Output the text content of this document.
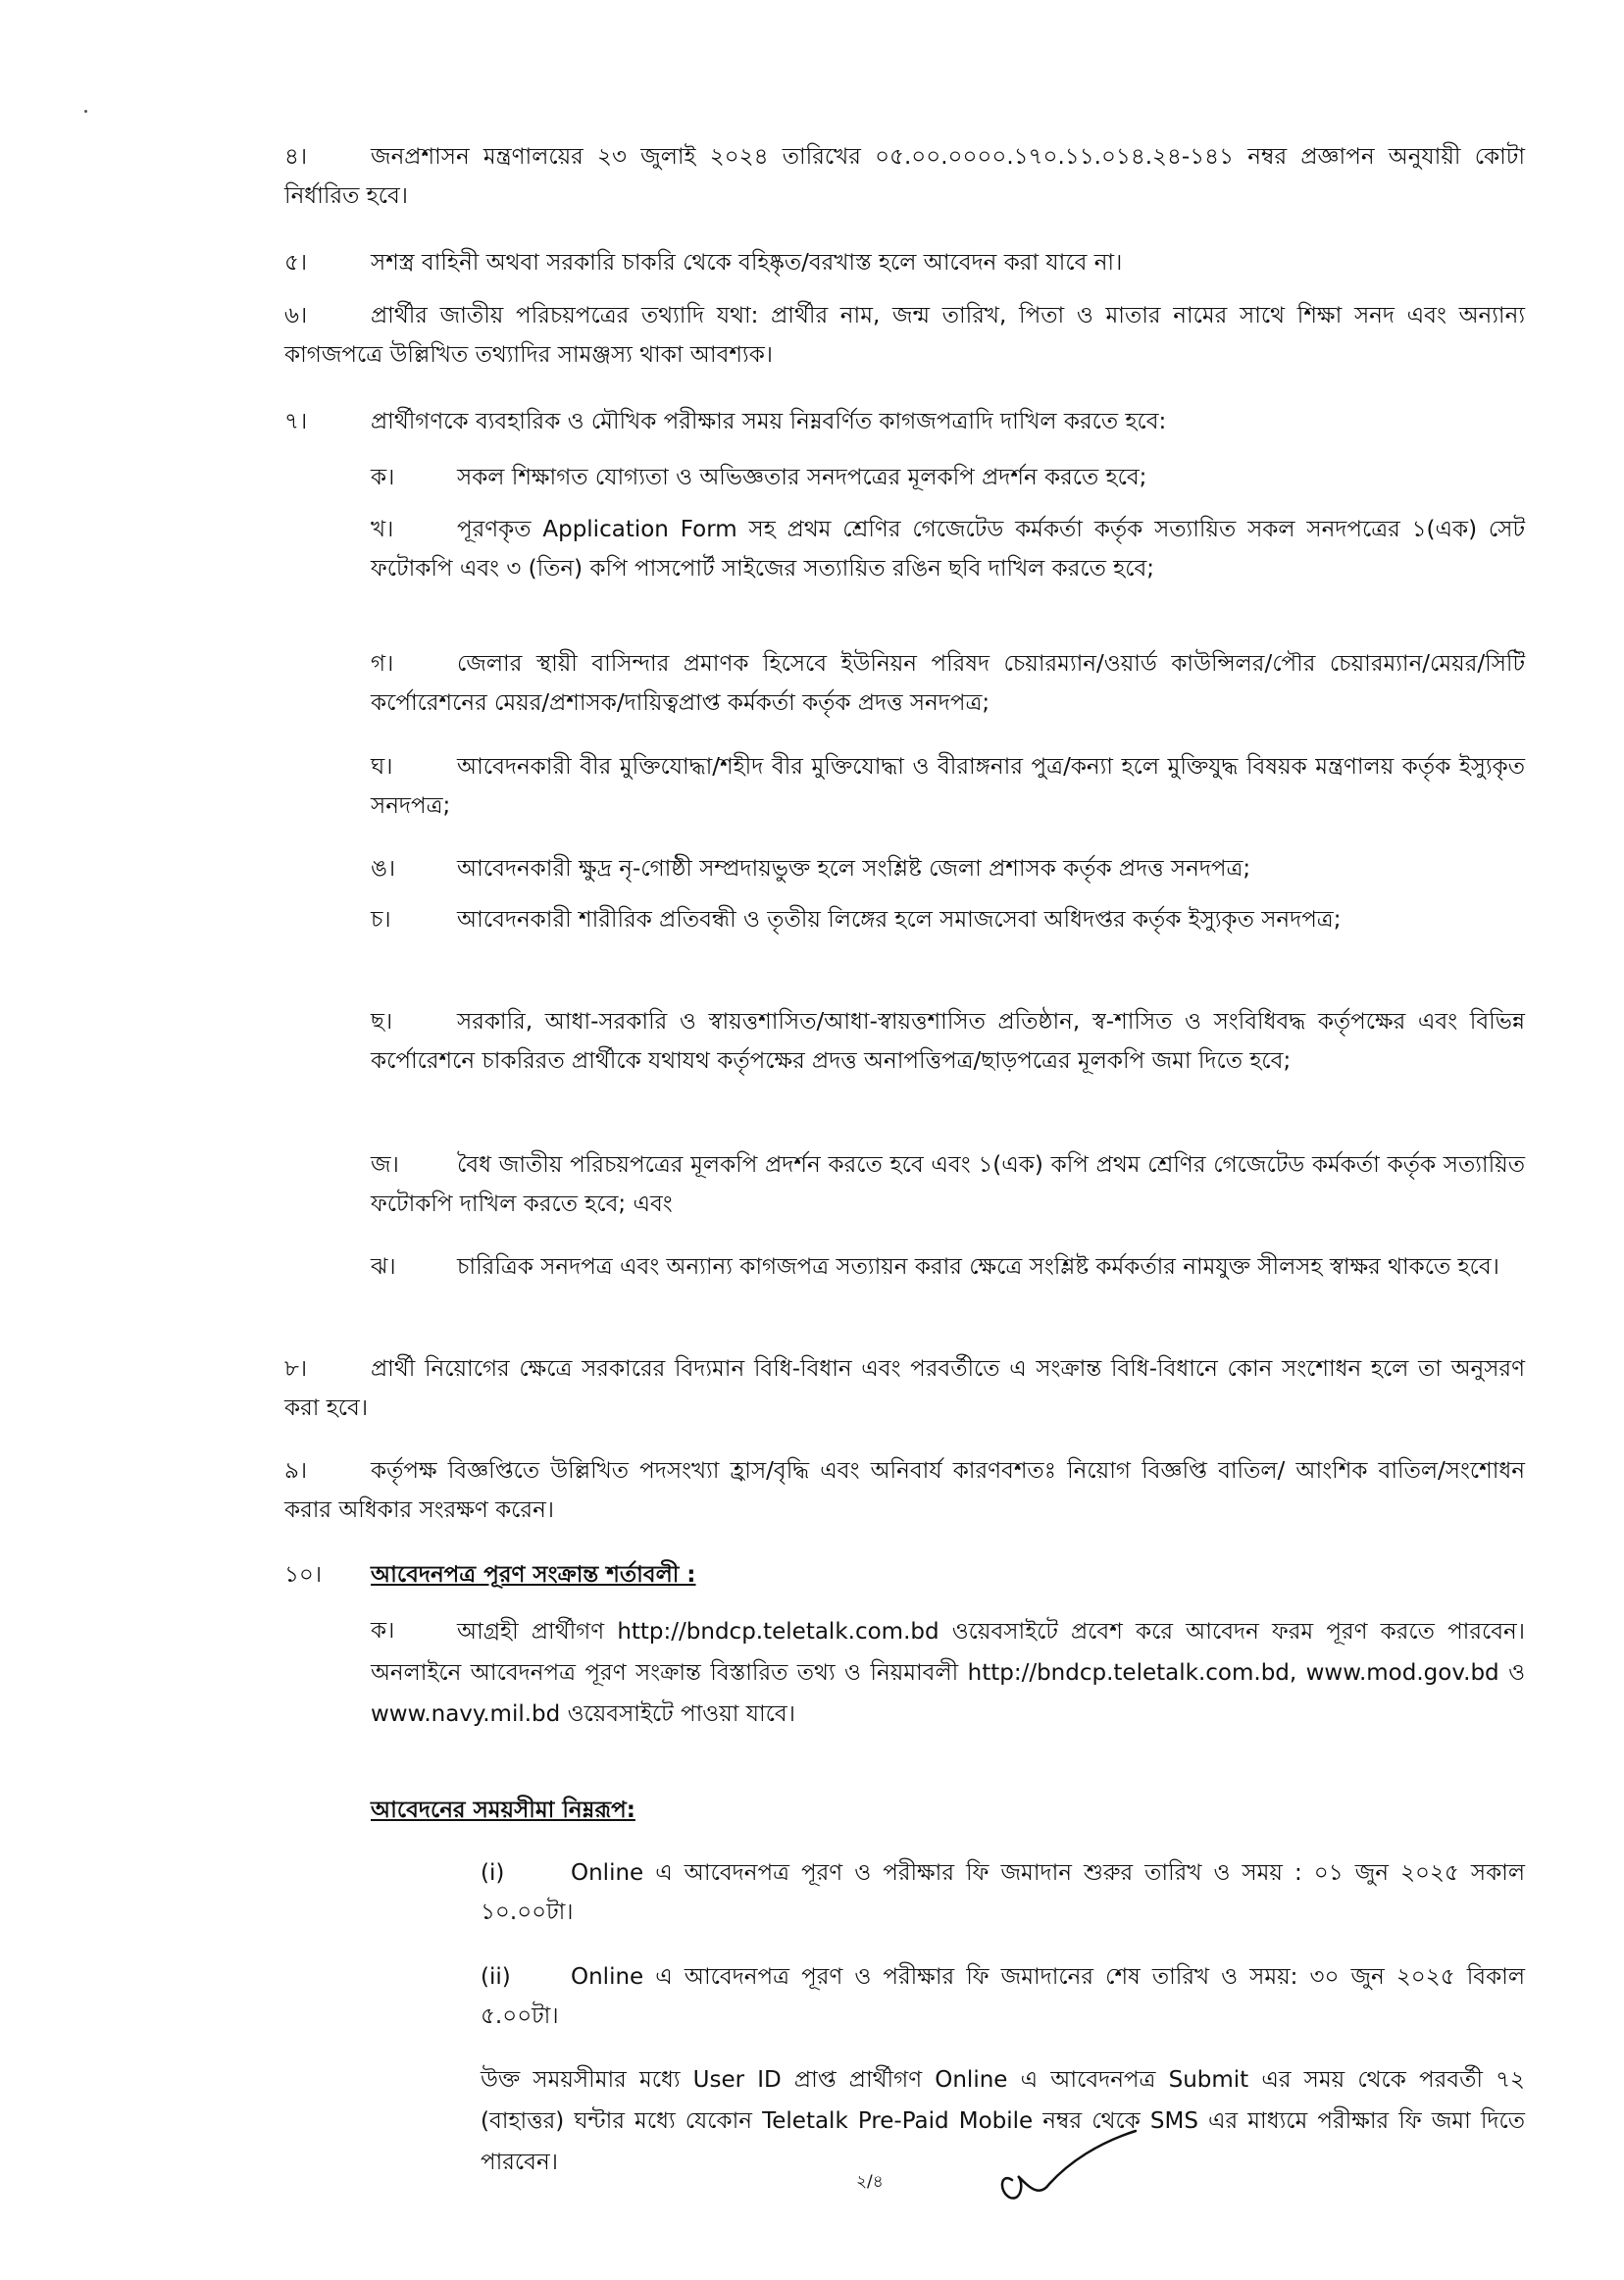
৪।	জনপ্রশাসন মন্ত্রণালয়ের ২৩ জুলাই ২০২৪ তারিখের ০৫.০০.০০০০.১৭০.১১.০১৪.২৪-১৪১ নম্বর প্রজ্ঞাপন অনুযায়ী কোটা নির্ধারিত হবে।
৫।	সশস্ত্র বাহিনী অথবা সরকারি চাকরি থেকে বহিষ্কৃত/বরখাস্ত হলে আবেদন করা যাবে না।
৬।	প্রার্থীর জাতীয় পরিচয়পত্রের তথ্যাদি যথা: প্রার্থীর নাম, জন্ম তারিখ, পিতা ও মাতার নামের সাথে শিক্ষা সনদ এবং অন্যান্য কাগজপত্রে উল্লিখিত তথ্যাদির সামঞ্জস্য থাকা আবশ্যক।
৭।	প্রার্থীগণকে ব্যবহারিক ও মৌখিক পরীক্ষার সময় নিম্নবর্ণিত কাগজপত্রাদি দাখিল করতে হবে:
ক।	সকল শিক্ষাগত যোগ্যতা ও অভিজ্ঞতার সনদপত্রের মূলকপি প্রদর্শন করতে হবে;
খ।	পূরণকৃত Application Form সহ প্রথম শ্রেণির গেজেটেড কর্মকর্তা কর্তৃক সত্যায়িত সকল সনদপত্রের ১(এক) সেট ফটোকপি এবং ৩ (তিন) কপি পাসপোর্ট সাইজের সত্যায়িত রঙিন ছবি দাখিল করতে হবে;
গ।	জেলার স্থায়ী বাসিন্দার প্রমাণক হিসেবে ইউনিয়ন পরিষদ চেয়ারম্যান/ওয়ার্ড কাউন্সিলর/পৌর চেয়ারম্যান/মেয়র/সিটি কর্পোরেশনের মেয়র/প্রশাসক/দায়িত্বপ্রাপ্ত কর্মকর্তা কর্তৃক প্রদত্ত সনদপত্র;
ঘ।	আবেদনকারী বীর মুক্তিযোদ্ধা/শহীদ বীর মুক্তিযোদ্ধা ও বীরাঙ্গনার পুত্র/কন্যা হলে মুক্তিযুদ্ধ বিষয়ক মন্ত্রণালয় কর্তৃক ইস্যুকৃত সনদপত্র;
ঙ।	আবেদনকারী ক্ষুদ্র নৃ-গোষ্ঠী সম্প্রদায়ভুক্ত হলে সংশ্লিষ্ট জেলা প্রশাসক কর্তৃক প্রদত্ত সনদপত্র;
চ।	আবেদনকারী শারীরিক প্রতিবন্ধী ও তৃতীয় লিঙ্গের হলে সমাজসেবা অধিদপ্তর কর্তৃক ইস্যুকৃত সনদপত্র;
ছ।	সরকারি, আধা-সরকারি ও স্বায়ত্তশাসিত/আধা-স্বায়ত্তশাসিত প্রতিষ্ঠান, স্ব-শাসিত ও সংবিধিবদ্ধ কর্তৃপক্ষের এবং বিভিন্ন কর্পোরেশনে চাকরিরত প্রার্থীকে যথাযথ কর্তৃপক্ষের প্রদত্ত অনাপত্তিপত্র/ছাড়পত্রের মূলকপি জমা দিতে হবে;
জ।	বৈধ জাতীয় পরিচয়পত্রের মূলকপি প্রদর্শন করতে হবে এবং ১(এক) কপি প্রথম শ্রেণির গেজেটেড কর্মকর্তা কর্তৃক সত্যায়িত ফটোকপি দাখিল করতে হবে; এবং
ঝ।	চারিত্রিক সনদপত্র এবং অন্যান্য কাগজপত্র সত্যায়ন করার ক্ষেত্রে সংশ্লিষ্ট কর্মকর্তার নামযুক্ত সীলসহ স্বাক্ষর থাকতে হবে।
৮।	প্রার্থী নিয়োগের ক্ষেত্রে সরকারের বিদ্যমান বিধি-বিধান এবং পরবর্তীতে এ সংক্রান্ত বিধি-বিধানে কোন সংশোধন হলে তা অনুসরণ করা হবে।
৯।	কর্তৃপক্ষ বিজ্ঞপ্তিতে উল্লিখিত পদসংখ্যা হ্রাস/বৃদ্ধি এবং অনিবার্য কারণবশতঃ নিয়োগ বিজ্ঞপ্তি বাতিল/ আংশিক বাতিল/সংশোধন করার অধিকার সংরক্ষণ করেন।
১০। আবেদনপত্র পূরণ সংক্রান্ত শর্তাবলী :
ক।	আগ্রহী প্রার্থীগণ http://bndcp.teletalk.com.bd ওয়েবসাইটে প্রবেশ করে আবেদন ফরম পূরণ করতে পারবেন। অনলাইনে আবেদনপত্র পূরণ সংক্রান্ত বিস্তারিত তথ্য ও নিয়মাবলী http://bndcp.teletalk.com.bd, www.mod.gov.bd ও www.navy.mil.bd ওয়েবসাইটে পাওয়া যাবে।
আবেদনের সময়সীমা নিম্নরূপ:
(i)	Online এ আবেদনপত্র পূরণ ও পরীক্ষার ফি জমাদান শুরুর তারিখ ও সময় : ০১ জুন ২০২৫ সকাল ১০.০০টা।
(ii)	Online এ আবেদনপত্র পূরণ ও পরীক্ষার ফি জমাদানের শেষ তারিখ ও সময়: ৩০ জুন ২০২৫ বিকাল ৫.০০টা।
উক্ত সময়সীমার মধ্যে User ID প্রাপ্ত প্রার্থীগণ Online এ আবেদনপত্র Submit এর সময় থেকে পরবর্তী ৭২ (বাহাত্তর) ঘন্টার মধ্যে যেকোন Teletalk Pre-Paid Mobile নম্বর থেকে SMS এর মাধ্যমে পরীক্ষার ফি জমা দিতে পারবেন।
২/৪
